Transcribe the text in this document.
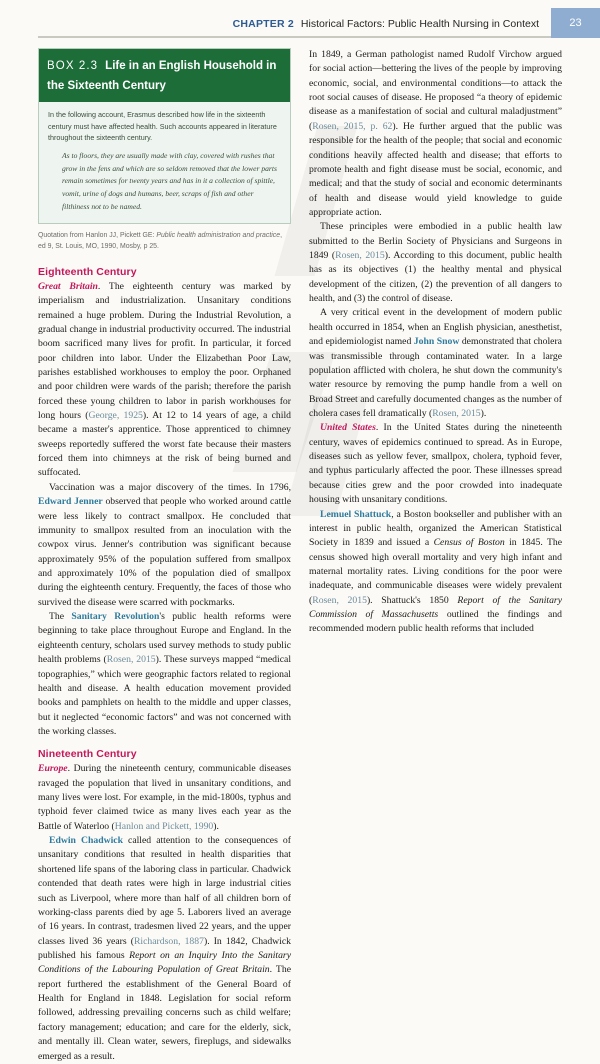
CHAPTER 2 Historical Factors: Public Health Nursing in Context	23
BOX 2.3 Life in an English Household in the Sixteenth Century
In the following account, Erasmus described how life in the sixteenth century must have affected health. Such accounts appeared in literature throughout the sixteenth century.
As to floors, they are usually made with clay, covered with rushes that grow in the fens and which are so seldom removed that the lower parts remain sometimes for twenty years and has in it a collection of spittle, vomit, urine of dogs and humans, beer, scraps of fish and other filthiness not to be named.
Quotation from Hanlon JJ, Pickett GE: Public health administration and practice, ed 9, St. Louis, MO, 1990, Mosby, p 25.
Eighteenth Century

Great Britain. The eighteenth century was marked by imperialism and industrialization. Unsanitary conditions remained a huge problem. During the Industrial Revolution, a gradual change in industrial productivity occurred. The industrial boom sacrificed many lives for profit. In particular, it forced poor children into labor. Under the Elizabethan Poor Law, parishes established workhouses to employ the poor. Orphaned and poor children were wards of the parish; therefore the parish forced these young children to labor in parish workhouses for long hours (George, 1925). At 12 to 14 years of age, a child became a master's apprentice. Those apprenticed to chimney sweeps reportedly suffered the worst fate because their masters forced them into chimneys at the risk of being burned and suffocated.

Vaccination was a major discovery of the times. In 1796, Edward Jenner observed that people who worked around cattle were less likely to contract smallpox. He concluded that immunity to smallpox resulted from an inoculation with the cowpox virus. Jenner's contribution was significant because approximately 95% of the population suffered from smallpox and approximately 10% of the population died of smallpox during the eighteenth century. Frequently, the faces of those who survived the disease were scarred with pockmarks.

The Sanitary Revolution's public health reforms were beginning to take place throughout Europe and England. In the eighteenth century, scholars used survey methods to study public health problems (Rosen, 2015). These surveys mapped “medical topographies,” which were geographic factors related to regional health and disease. A health education movement provided books and pamphlets on health to the middle and upper classes, but it neglected “economic factors” and was not concerned with the working classes.

Nineteenth Century

Europe. During the nineteenth century, communicable diseases ravaged the population that lived in unsanitary conditions, and many lives were lost. For example, in the mid-1800s, typhus and typhoid fever claimed twice as many lives each year as the Battle of Waterloo (Hanlon and Pickett, 1990).

Edwin Chadwick called attention to the consequences of unsanitary conditions that resulted in health disparities that shortened life spans of the laboring class in particular. Chadwick contended that death rates were high in large industrial cities such as Liverpool, where more than half of all children born of working-class parents died by age 5. Laborers lived an average of 16 years. In contrast, tradesmen lived 22 years, and the upper classes lived 36 years (Richardson, 1887). In 1842, Chadwick published his famous Report on an Inquiry Into the Sanitary Conditions of the Labouring Population of Great Britain. The report furthered the establishment of the General Board of Health for England in 1848. Legislation for social reform followed, addressing prevailing concerns such as child welfare; factory management; education; and care for the elderly, sick, and mentally ill. Clean water, sewers, fireplugs, and sidewalks emerged as a result.

In 1849, a German pathologist named Rudolf Virchow argued for social action—bettering the lives of the people by improving economic, social, and environmental conditions—to attack the root social causes of disease. He proposed “a theory of epidemic disease as a manifestation of social and cultural maladjustment” (Rosen, 2015, p. 62). He further argued that the public was responsible for the health of the people; that social and economic conditions heavily affected health and disease; that efforts to promote health and fight disease must be social, economic, and medical; and that the study of social and economic determinants of health and disease would yield knowledge to guide appropriate action.

These principles were embodied in a public health law submitted to the Berlin Society of Physicians and Surgeons in 1849 (Rosen, 2015). According to this document, public health has as its objectives (1) the healthy mental and physical development of the citizen, (2) the prevention of all dangers to health, and (3) the control of disease.

A very critical event in the development of modern public health occurred in 1854, when an English physician, anesthetist, and epidemiologist named John Snow demonstrated that cholera was transmissible through contaminated water. In a large population afflicted with cholera, he shut down the community's water resource by removing the pump handle from a well on Broad Street and carefully documented changes as the number of cholera cases fell dramatically (Rosen, 2015).

United States. In the United States during the nineteenth century, waves of epidemics continued to spread. As in Europe, diseases such as yellow fever, smallpox, cholera, typhoid fever, and typhus particularly affected the poor. These illnesses spread because cities grew and the poor crowded into inadequate housing with unsanitary conditions.

Lemuel Shattuck, a Boston bookseller and publisher with an interest in public health, organized the American Statistical Society in 1839 and issued a Census of Boston in 1845. The census showed high overall mortality and very high infant and maternal mortality rates. Living conditions for the poor were inadequate, and communicable diseases were widely prevalent (Rosen, 2015). Shattuck's 1850 Report of the Sanitary Commission of Massachusetts outlined the findings and recommended modern public health reforms that included
